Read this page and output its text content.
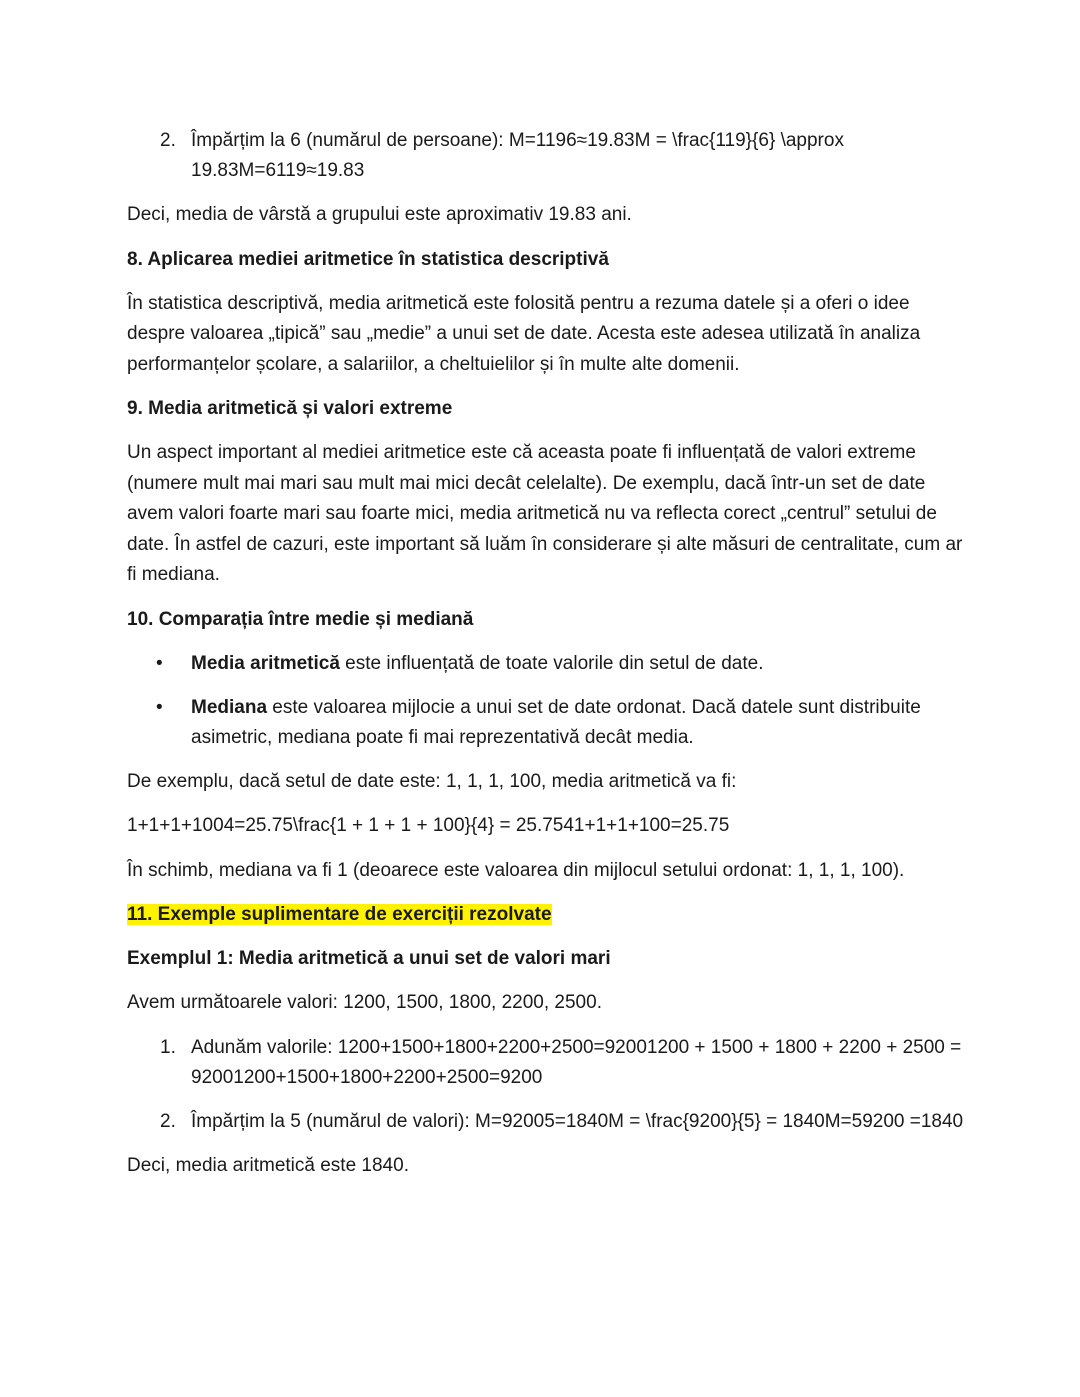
2. Împărțim la 6 (numărul de persoane): M=1196≈19.83M = \frac{119}{6} \approx 19.83M=6119≈19.83
Deci, media de vârstă a grupului este aproximativ 19.83 ani.
8. Aplicarea mediei aritmetice în statistica descriptivă
În statistica descriptivă, media aritmetică este folosită pentru a rezuma datele și a oferi o idee despre valoarea „tipică” sau „medie” a unui set de date. Acesta este adesea utilizată în analiza performanțelor școlare, a salariilor, a cheltuielilor și în multe alte domenii.
9. Media aritmetică și valori extreme
Un aspect important al mediei aritmetice este că aceasta poate fi influențată de valori extreme (numere mult mai mari sau mult mai mici decât celelalte). De exemplu, dacă într-un set de date avem valori foarte mari sau foarte mici, media aritmetică nu va reflecta corect „centrul” setului de date. În astfel de cazuri, este important să luăm în considerare și alte măsuri de centralitate, cum ar fi mediana.
10. Comparația între medie și mediană
• Media aritmetică este influențată de toate valorile din setul de date.
• Mediana este valoarea mijlocie a unui set de date ordonat. Dacă datele sunt distribuite asimetric, mediana poate fi mai reprezentativă decât media.
De exemplu, dacă setul de date este: 1, 1, 1, 100, media aritmetică va fi:
1+1+1+1004=25.75\frac{1 + 1 + 1 + 100}{4} = 25.7541+1+1+100=25.75
În schimb, mediana va fi 1 (deoarece este valoarea din mijlocul setului ordonat: 1, 1, 1, 100).
11. Exemple suplimentare de exerciții rezolvate
Exemplul 1: Media aritmetică a unui set de valori mari
Avem următoarele valori: 1200, 1500, 1800, 2200, 2500.
1. Adunăm valorile: 1200+1500+1800+2200+2500=92001200 + 1500 + 1800 + 2200 + 2500 = 92001200+1500+1800+2200+2500=9200
2. Împărțim la 5 (numărul de valori): M=92005=1840M = \frac{9200}{5} = 1840M=59200 =1840
Deci, media aritmetică este 1840.
